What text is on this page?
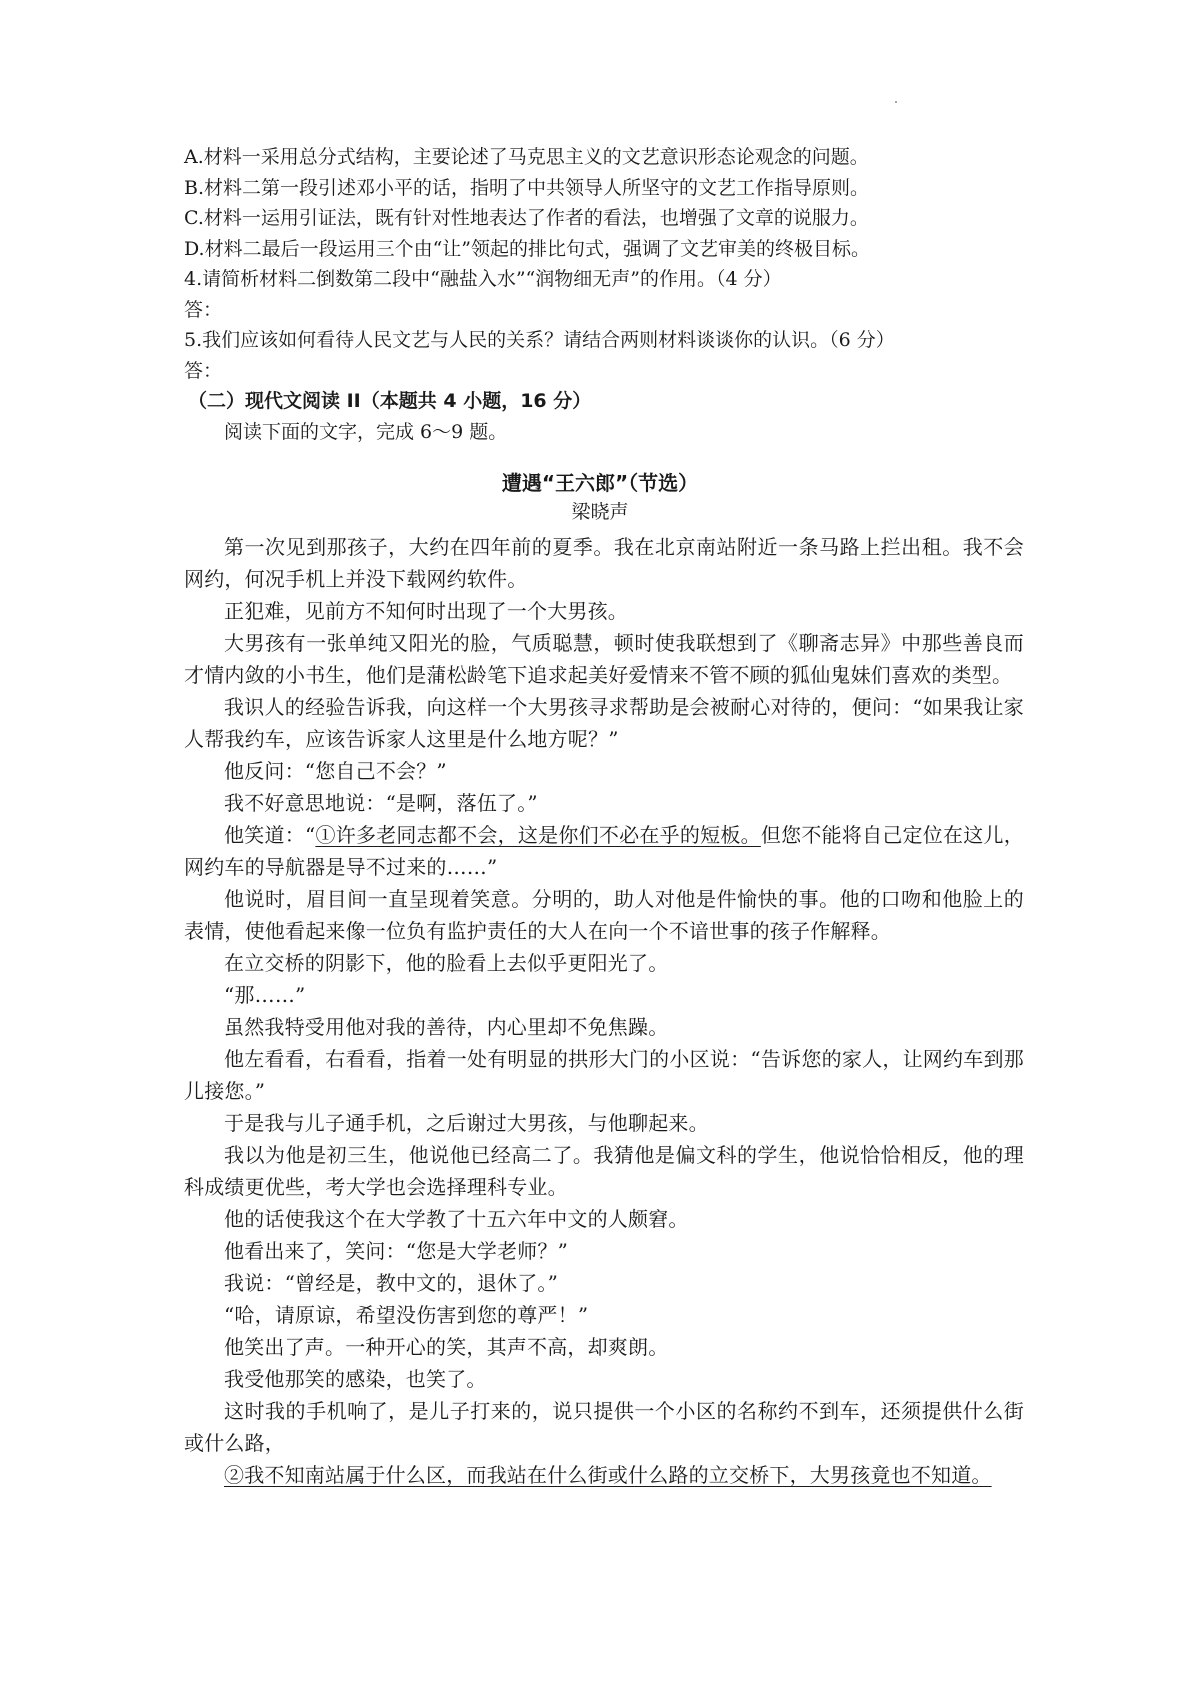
A.材料一采用总分式结构，主要论述了马克思主义的文艺意识形态论观念的问题。
B.材料二第一段引述邓小平的话，指明了中共领导人所坚守的文艺工作指导原则。
C.材料一运用引证法，既有针对性地表达了作者的看法，也增强了文章的说服力。
D.材料二最后一段运用三个由“让”领起的排比句式，强调了文艺审美的终极目标。
4.请简析材料二倒数第二段中“融盐入水”“润物细无声”的作用。（4 分）
答：
5.我们应该如何看待人民文艺与人民的关系？请结合两则材料谈谈你的认识。（6 分）
答：
（二）现代文阅读 II（本题共 4 小题，16 分）
阅读下面的文字，完成 6～9 题。
遭遇“王六郎”（节选）
梁晓声

第一次见到那孩子，大约在四年前的夏季。我在北京南站附近一条马路上拦出租。我不会网约，何况手机上并没下载网约软件。

正犯难，见前方不知何时出现了一个大男孩。

大男孩有一张单纯又阳光的脸，气质聪慧，顿时使我联想到了《聊斋志异》中那些善良而才情内敛的小书生，他们是蒲松龄笔下追求起美好爱情来不管不顾的狐仙鬼妹们喜欢的类型。

我识人的经验告诉我，向这样一个大男孩寻求帮助是会被耐心对待的，便问：“如果我让家人帮我约车，应该告诉家人这里是什么地方呢？”

他反问：“您自己不会？”

我不好意思地说：“是啊，落伍了。”

他笑道：“①许多老同志都不会，这是你们不必在乎的短板。但您不能将自己定位在这儿，网约车的导航器是导不过来的……”

他说时，眉目间一直呈现着笑意。分明的，助人对他是件愉快的事。他的口吻和他脸上的表情，使他看起来像一位负有监护责任的大人在向一个不谙世事的孩子作解释。

在立交桥的阴影下，他的脸看上去似乎更阳光了。

“那……”

虽然我特受用他对我的善待，内心里却不免焦躁。

他左看看，右看看，指着一处有明显的拱形大门的小区说：“告诉您的家人，让网约车到那儿接您。”

于是我与儿子通手机，之后谢过大男孩，与他聊起来。

我以为他是初三生，他说他已经高二了。我猜他是偏文科的学生，他说恰恰相反，他的理科成绩更优些，考大学也会选择理科专业。

他的话使我这个在大学教了十五六年中文的人颇窘。

他看出来了，笑问：“您是大学老师？”

我说：“曾经是，教中文的，退休了。”

“哈，请原谅，希望没伤害到您的尊严！”

他笑出了声。一种开心的笑，其声不高，却爽朗。

我受他那笑的感染，也笑了。

这时我的手机响了，是儿子打来的，说只提供一个小区的名称约不到车，还须提供什么街或什么路，

②我不知南站属于什么区，而我站在什么街或什么路的立交桥下，大男孩竟也不知道。
